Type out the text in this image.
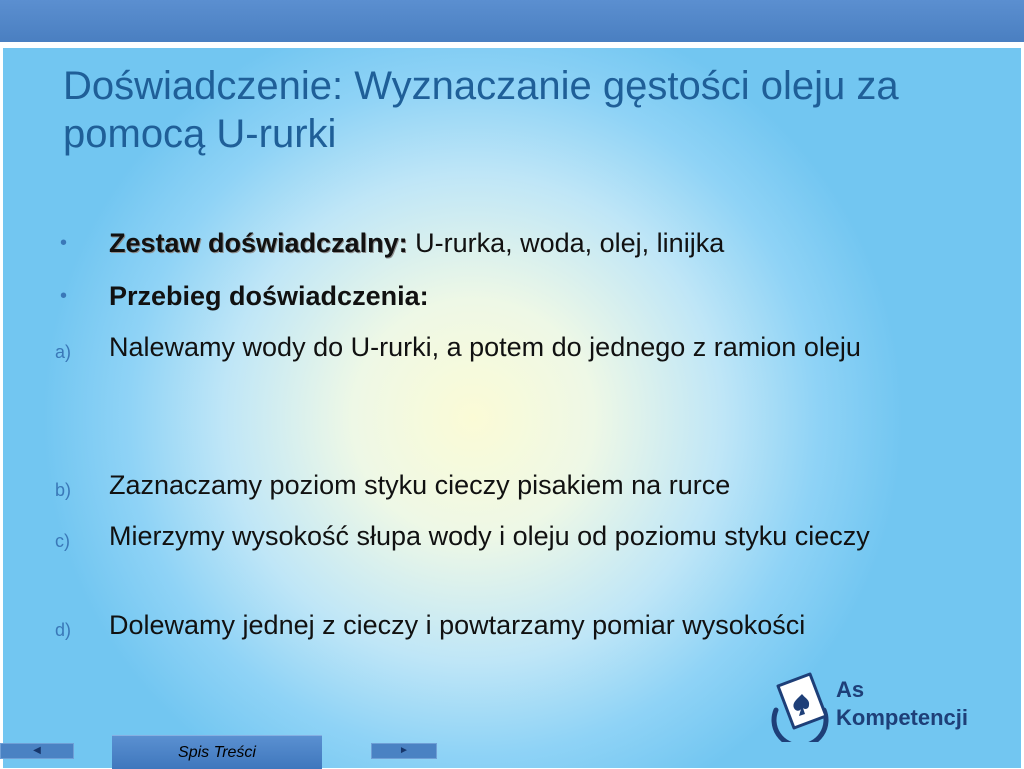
Doświadczenie: Wyznaczanie gęstości oleju za pomocą U-rurki
•	Zestaw doświadczalny: U-rurka, woda, olej, linijka
•	Przebieg doświadczenia:
a)	Nalewamy wody do U-rurki, a potem do jednego z ramion oleju
b)	Zaznaczamy poziom styku cieczy pisakiem na rurce
c)	Mierzymy wysokość słupa wody i oleju od poziomu styku cieczy
d)	Dolewamy jednej z cieczy i powtarzamy pomiar wysokości
As
Kompetencji
◀	Spis Treści	►
